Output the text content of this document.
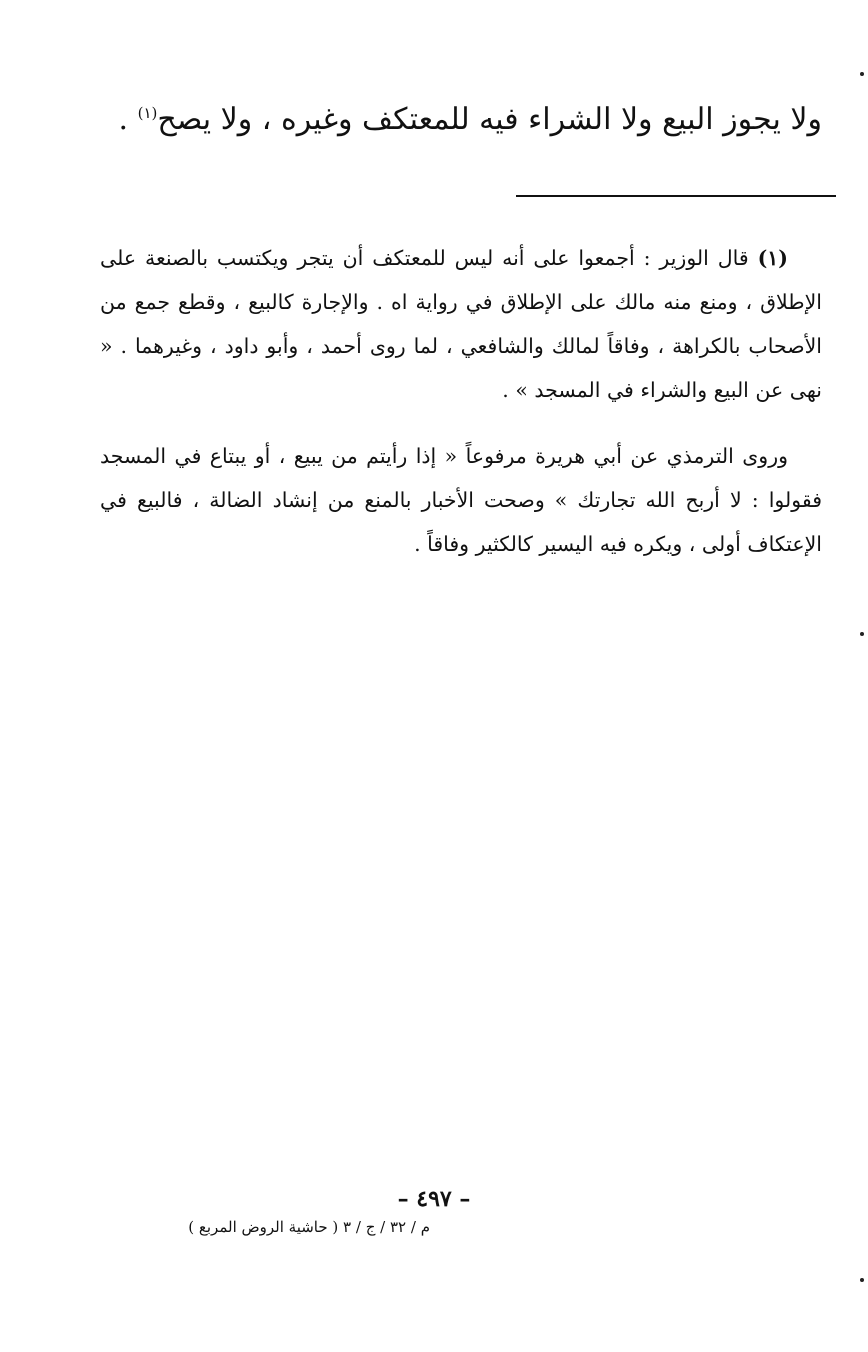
ولا يجوز البيع ولا الشراء فيه للمعتكف وغيره ، ولا يصح$^{(١)}$ .

(١) قال الوزير : أجمعوا على أنه ليس للمعتكف أن يتجر ويكتسب بالصنعة على الإطلاق ، ومنع منه مالك على الإطلاق في رواية اه . والإجارة كالبيع ، وقطع جمع من الأصحاب بالكراهة ، وفاقاً لمالك والشافعي ، لما روى أحمد ، وأبو داود ، وغيرهما . « نهى عن البيع والشراء في المسجد » .

وروى الترمذي عن أبي هريرة مرفوعاً « إذا رأيتم من يبيع ، أو يبتاع في المسجد فقولوا : لا أربح الله تجارتك » وصحت الأخبار بالمنع من إنشاد الضالة ، فالبيع في الإعتكاف أولى ، ويكره فيه اليسير كالكثير وفاقاً .

– ٤٩٧ –
م / ٣٢ / ج / ٣ ( حاشية الروض المربع )
